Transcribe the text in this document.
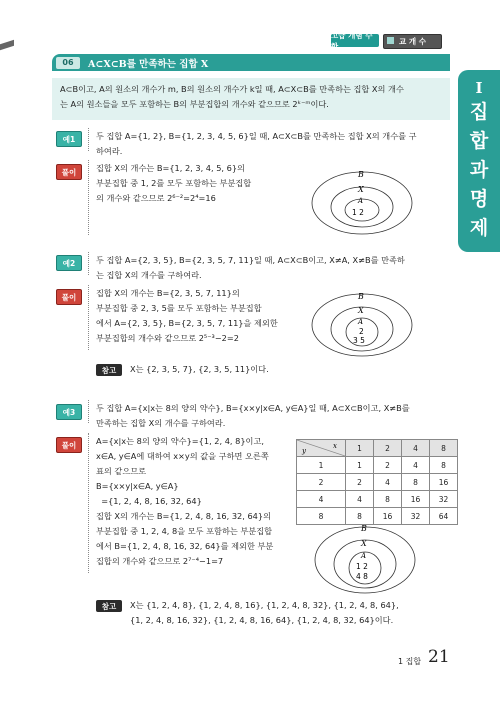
고급 개념 수학	교 개 수
06	A⊂X⊂B를 만족하는 집합 X
A⊂B이고, A의 원소의 개수가 m, B의 원소의 개수가 k일 때, A⊂X⊂B를 만족하는 집합 X의 개수
는 A의 원소들을 모두 포함하는 B의 부분집합의 개수와 같으므로 2ᵏ⁻ᵐ이다.
I
집
합
과
명
제
예1	두 집합 A={1, 2}, B={1, 2, 3, 4, 5, 6}일 때, A⊂X⊂B를 만족하는 집합 X의 개수를 구
하여라.
풀이	집합 X의 개수는 B={1, 2, 3, 4, 5, 6}의
부분집합 중 1, 2를 모두 포함하는 부분집합
의 개수와 같으므로 2⁶⁻²=2⁴=16
B
X
A
1 2
예2	두 집합 A={2, 3, 5}, B={2, 3, 5, 7, 11}일 때, A⊂X⊂B이고, X≠A, X≠B를 만족하
는 집합 X의 개수를 구하여라.
풀이	집합 X의 개수는 B={2, 3, 5, 7, 11}의
부분집합 중 2, 3, 5를 모두 포함하는 부분집합
에서 A={2, 3, 5}, B={2, 3, 5, 7, 11}을 제외한
부분집합의 개수와 같으므로 2⁵⁻³−2=2
B
X
A
2
3 5
참고	X는 {2, 3, 5, 7}, {2, 3, 5, 11}이다.
예3	두 집합 A={x|x는 8의 양의 약수}, B={x×y|x∈A, y∈A}일 때, A⊂X⊂B이고, X≠B를
만족하는 집합 X의 개수를 구하여라.
풀이	A={x|x는 8의 양의 약수}={1, 2, 4, 8}이고,
x∈A, y∈A에 대하여 x×y의 값을 구하면 오른쪽
표의 같으므로
B={x×y|x∈A, y∈A}
={1, 2, 4, 8, 16, 32, 64}
집합 X의 개수는 B={1, 2, 4, 8, 16, 32, 64}의
부분집합 중 1, 2, 4, 8을 모두 포함하는 부분집합
에서 B={1, 2, 4, 8, 16, 32, 64}를 제외한 부분
집합의 개수와 같으므로 2⁷⁻⁴−1=7
y
x	1	2	4	8
1	1	2	4	8
2	2	4	8	16
4	4	8	16	32
8	8	16	32	64
B
X
A
1 2
4 8
참고	X는 {1, 2, 4, 8}, {1, 2, 4, 8, 16}, {1, 2, 4, 8, 32}, {1, 2, 4, 8, 64},
{1, 2, 4, 8, 16, 32}, {1, 2, 4, 8, 16, 64}, {1, 2, 4, 8, 32, 64}이다.
1 집합 21
